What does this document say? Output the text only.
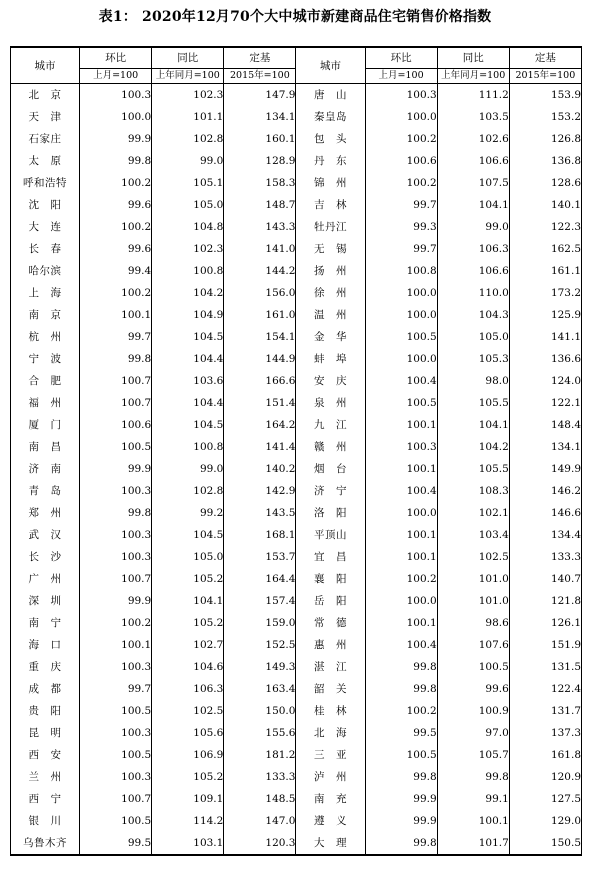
表1： 2020年12月70个大中城市新建商品住宅销售价格指数
城市	环比	同比	定基	城市	环比	同比	定基
	上月=100	上年同月=100	2015年=100		上月=100	上年同月=100	2015年=100
北　京	100.3	102.3	147.9	唐　山	100.3	111.2	153.9
天　津	100.0	101.1	134.1	秦皇岛	100.0	103.5	153.2
石家庄	99.9	102.8	160.1	包　头	100.2	102.6	126.8
太　原	99.8	99.0	128.9	丹　东	100.6	106.6	136.8
呼和浩特	100.2	105.1	158.3	锦　州	100.2	107.5	128.6
沈　阳	99.6	105.0	148.7	吉　林	99.7	104.1	140.1
大　连	100.2	104.8	143.3	牡丹江	99.3	99.0	122.3
长　春	99.6	102.3	141.0	无　锡	99.7	106.3	162.5
哈尔滨	99.4	100.8	144.2	扬　州	100.8	106.6	161.1
上　海	100.2	104.2	156.0	徐　州	100.0	110.0	173.2
南　京	100.1	104.9	161.0	温　州	100.0	104.3	125.9
杭　州	99.7	104.5	154.1	金　华	100.5	105.0	141.1
宁　波	99.8	104.4	144.9	蚌　埠	100.0	105.3	136.6
合　肥	100.7	103.6	166.6	安　庆	100.4	98.0	124.0
福　州	100.7	104.4	151.4	泉　州	100.5	105.5	122.1
厦　门	100.6	104.5	164.2	九　江	100.1	104.1	148.4
南　昌	100.5	100.8	141.4	赣　州	100.3	104.2	134.1
济　南	99.9	99.0	140.2	烟　台	100.1	105.5	149.9
青　岛	100.3	102.8	142.9	济　宁	100.4	108.3	146.2
郑　州	99.8	99.2	143.5	洛　阳	100.0	102.1	146.6
武　汉	100.3	104.5	168.1	平顶山	100.1	103.4	134.4
长　沙	100.3	105.0	153.7	宜　昌	100.1	102.5	133.3
广　州	100.7	105.2	164.4	襄　阳	100.2	101.0	140.7
深　圳	99.9	104.1	157.4	岳　阳	100.0	101.0	121.8
南　宁	100.2	105.2	159.0	常　德	100.1	98.6	126.1
海　口	100.1	102.7	152.5	惠　州	100.4	107.6	151.9
重　庆	100.3	104.6	149.3	湛　江	99.8	100.5	131.5
成　都	99.7	106.3	163.4	韶　关	99.8	99.6	122.4
贵　阳	100.5	102.5	150.0	桂　林	100.2	100.9	131.7
昆　明	100.3	105.6	155.6	北　海	99.5	97.0	137.3
西　安	100.5	106.9	181.2	三　亚	100.5	105.7	161.8
兰　州	100.3	105.2	133.3	泸　州	99.8	99.8	120.9
西　宁	100.7	109.1	148.5	南　充	99.9	99.1	127.5
银　川	100.5	114.2	147.0	遵　义	99.9	100.1	129.0
乌鲁木齐	99.5	103.1	120.3	大　理	99.8	101.7	150.5
